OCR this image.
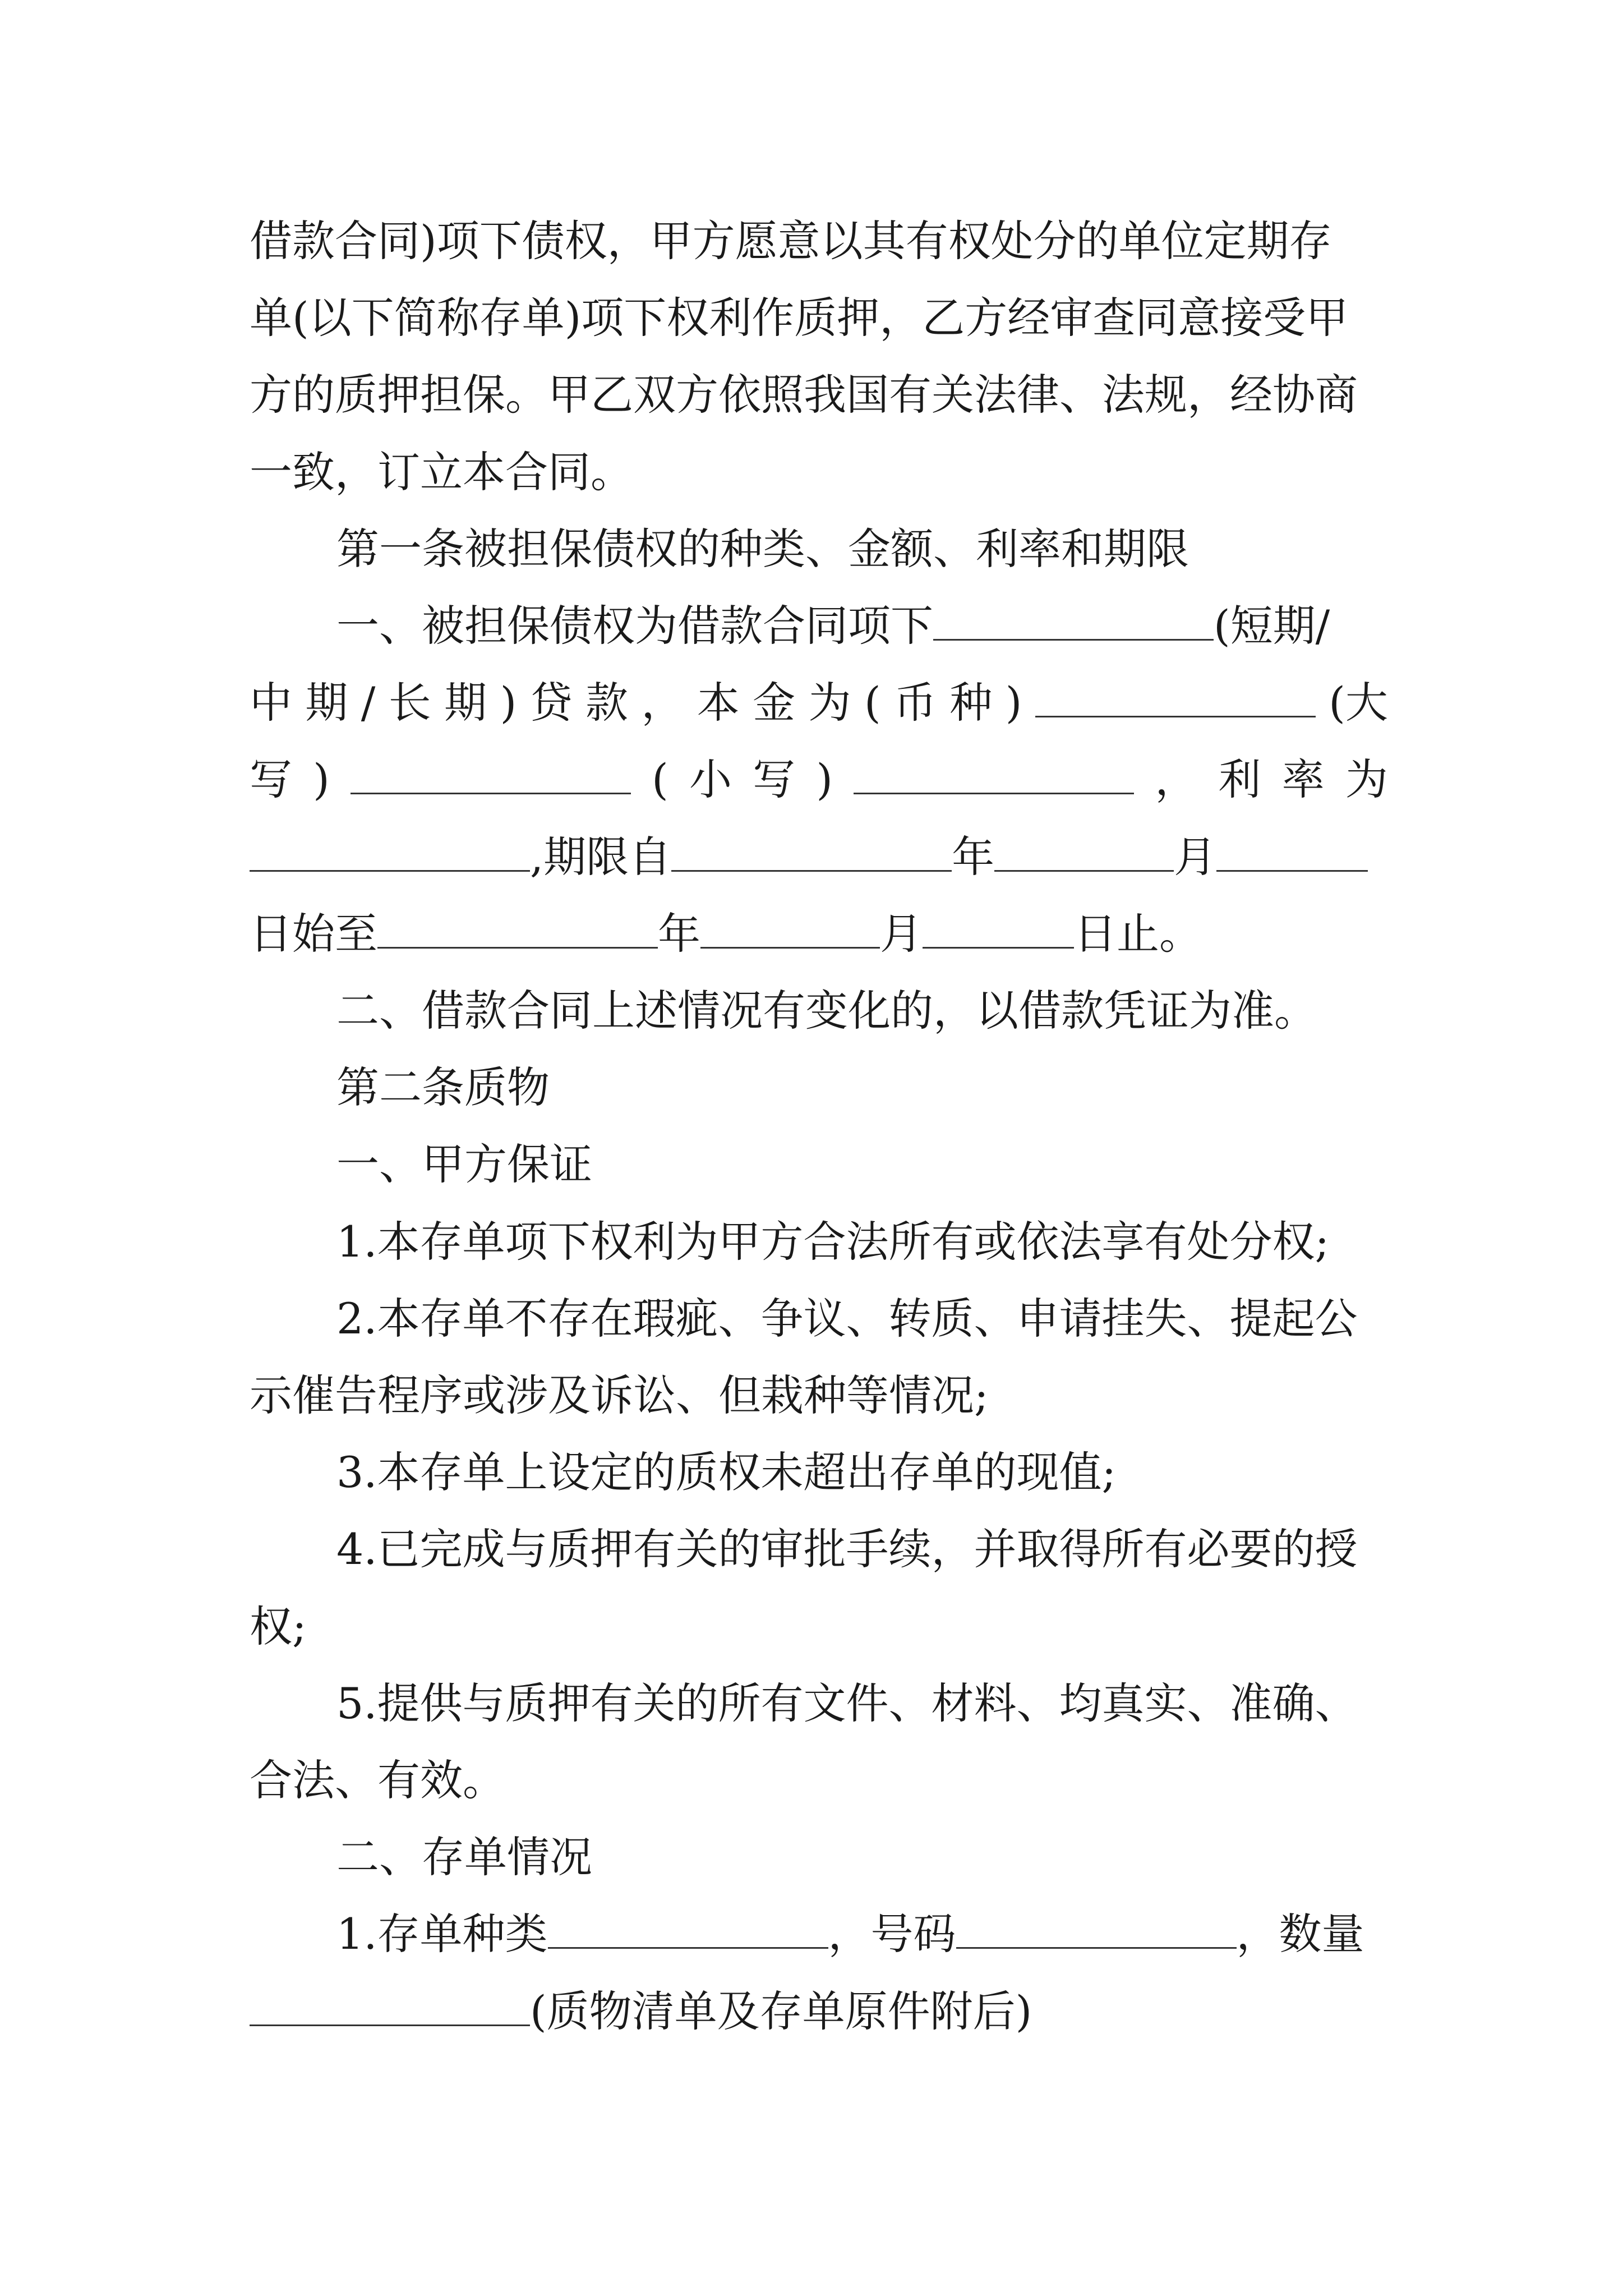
借款合同)项下债权，甲方愿意以其有权处分的单位定期存
单(以下简称存单)项下权利作质押，乙方经审查同意接受甲
方的质押担保。甲乙双方依照我国有关法律、法规，经协商
一致，订立本合同。
第一条被担保债权的种类、金额、利率和期限
一、被担保债权为借款合同项下	(短期/
中 期 / 长 期 ) 贷 款 ， 本 金 为 ( 币 种 )	(大
写 )	( 小 写 )	， 利 率 为
,期限自	年	月
日始至	年	月	日止。
二、借款合同上述情况有变化的，以借款凭证为准。
第二条质物
一、甲方保证
1.本存单项下权利为甲方合法所有或依法享有处分权;
2.本存单不存在瑕疵、争议、转质、申请挂失、提起公
示催告程序或涉及诉讼、但栽种等情况;
3.本存单上设定的质权未超出存单的现值;
4.已完成与质押有关的审批手续，并取得所有必要的授
权;
5.提供与质押有关的所有文件、材料、均真实、准确、
合法、有效。
二、存单情况
1.存单种类	，号码	，数量
(质物清单及存单原件附后)
